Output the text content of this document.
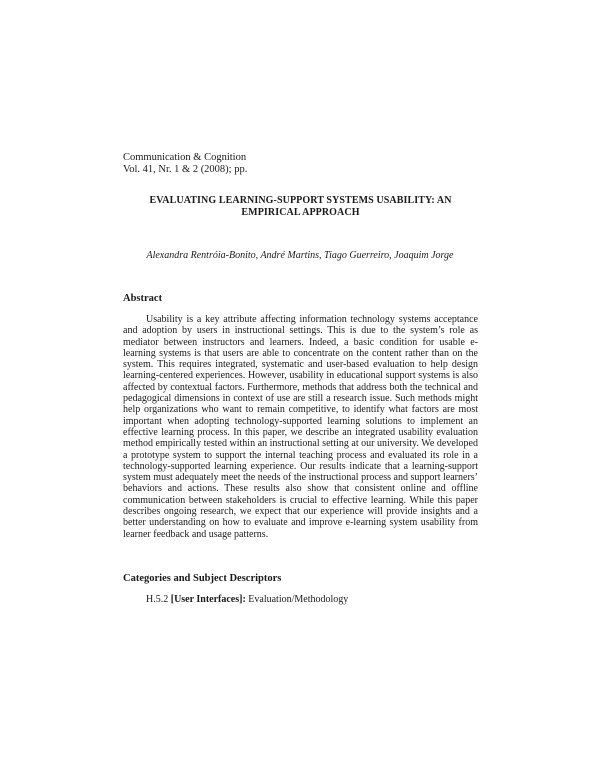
Communication & Cognition
Vol. 41, Nr. 1 & 2 (2008); pp.
EVALUATING LEARNING-SUPPORT SYSTEMS USABILITY: AN EMPIRICAL APPROACH
Alexandra Rentróia-Bonito, André Martins, Tiago Guerreiro, Joaquim Jorge
Abstract

Usability is a key attribute affecting information technology systems acceptance and adoption by users in instructional settings. This is due to the system’s role as mediator between instructors and learners. Indeed, a basic condition for usable e-learning systems is that users are able to concentrate on the content rather than on the system. This requires integrated, systematic and user-based evaluation to help design learning-centered experiences. However, usability in educational support systems is also affected by contextual factors. Furthermore, methods that address both the technical and pedagogical dimensions in context of use are still a research issue. Such methods might help organizations who want to remain competitive, to identify what factors are most important when adopting technology-supported learning solutions to implement an effective learning process. In this paper, we describe an integrated usability evaluation method empirically tested within an instructional setting at our university. We developed a prototype system to support the internal teaching process and evaluated its role in a technology-supported learning experience. Our results indicate that a learning-support system must adequately meet the needs of the instructional process and support learners’ behaviors and actions. These results also show that consistent online and offline communication between stakeholders is crucial to effective learning. While this paper describes ongoing research, we expect that our experience will provide insights and a better understanding on how to evaluate and improve e-learning system usability from learner feedback and usage patterns.

Categories and Subject Descriptors
H.5.2 [User Interfaces]: Evaluation/Methodology
